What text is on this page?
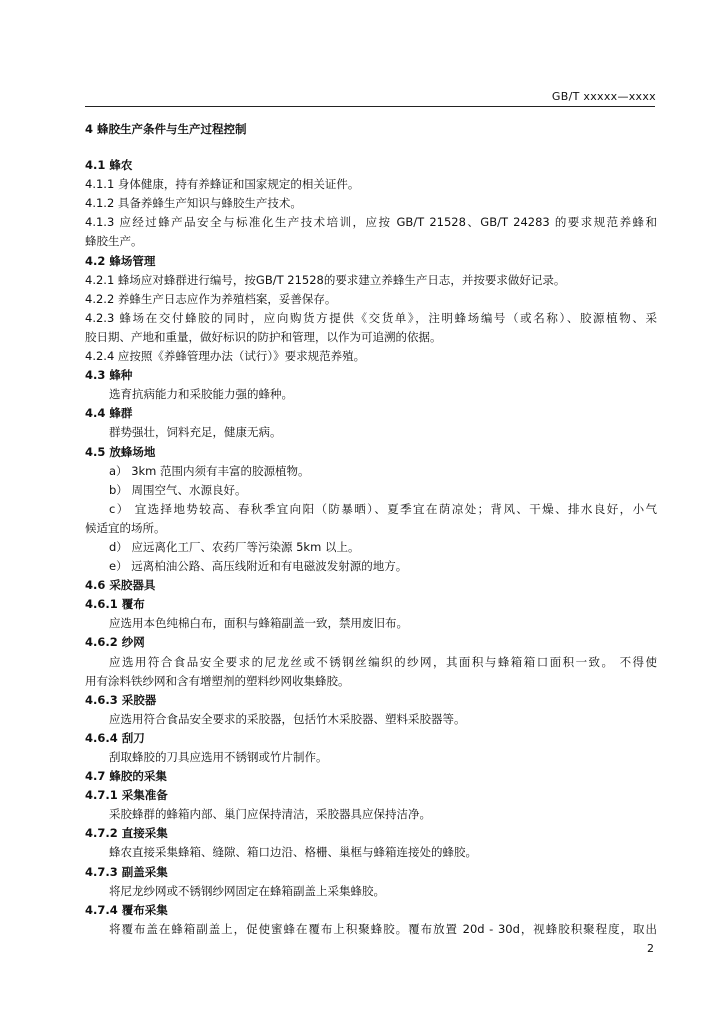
GB/T xxxxx—xxxx
4 蜂胶生产条件与生产过程控制
4.1 蜂农
4.1.1 身体健康，持有养蜂证和国家规定的相关证件。
4.1.2 具备养蜂生产知识与蜂胶生产技术。
4.1.3 应经过蜂产品安全与标准化生产技术培训，应按 GB/T 21528、GB/T 24283 的要求规范养蜂和
蜂胶生产。
4.2 蜂场管理
4.2.1 蜂场应对蜂群进行编号，按GB/T 21528的要求建立养蜂生产日志，并按要求做好记录。
4.2.2 养蜂生产日志应作为养殖档案，妥善保存。
4.2.3 蜂场在交付蜂胶的同时，应向购货方提供《交货单》，注明蜂场编号（或名称）、胶源植物、采
胶日期、产地和重量，做好标识的防护和管理，以作为可追溯的依据。
4.2.4 应按照《养蜂管理办法（试行）》要求规范养殖。
4.3 蜂种
选育抗病能力和采胶能力强的蜂种。
4.4 蜂群
群势强壮，饲料充足，健康无病。
4.5 放蜂场地
a） 3km 范围内须有丰富的胶源植物。
b） 周围空气、水源良好。
c） 宜选择地势较高、春秋季宜向阳（防暴晒）、夏季宜在荫凉处；背风、干燥、排水良好，小气
候适宜的场所。
d） 应远离化工厂、农药厂等污染源 5km 以上。
e） 远离柏油公路、高压线附近和有电磁波发射源的地方。
4.6 采胶器具
4.6.1 覆布
应选用本色纯棉白布，面积与蜂箱副盖一致，禁用废旧布。
4.6.2 纱网
应选用符合食品安全要求的尼龙丝或不锈钢丝编织的纱网，其面积与蜂箱箱口面积一致。 不得使
用有涂料铁纱网和含有增塑剂的塑料纱网收集蜂胶。
4.6.3 采胶器
应选用符合食品安全要求的采胶器，包括竹木采胶器、塑料采胶器等。
4.6.4 刮刀
刮取蜂胶的刀具应选用不锈钢或竹片制作。
4.7 蜂胶的采集
4.7.1 采集准备
采胶蜂群的蜂箱内部、巢门应保持清洁，采胶器具应保持洁净。
4.7.2 直接采集
蜂农直接采集蜂箱、缝隙、箱口边沿、格栅、巢框与蜂箱连接处的蜂胶。
4.7.3 副盖采集
将尼龙纱网或不锈钢纱网固定在蜂箱副盖上采集蜂胶。
4.7.4 覆布采集
将覆布盖在蜂箱副盖上，促使蜜蜂在覆布上积聚蜂胶。覆布放置 20d - 30d，视蜂胶积聚程度，取出
2
